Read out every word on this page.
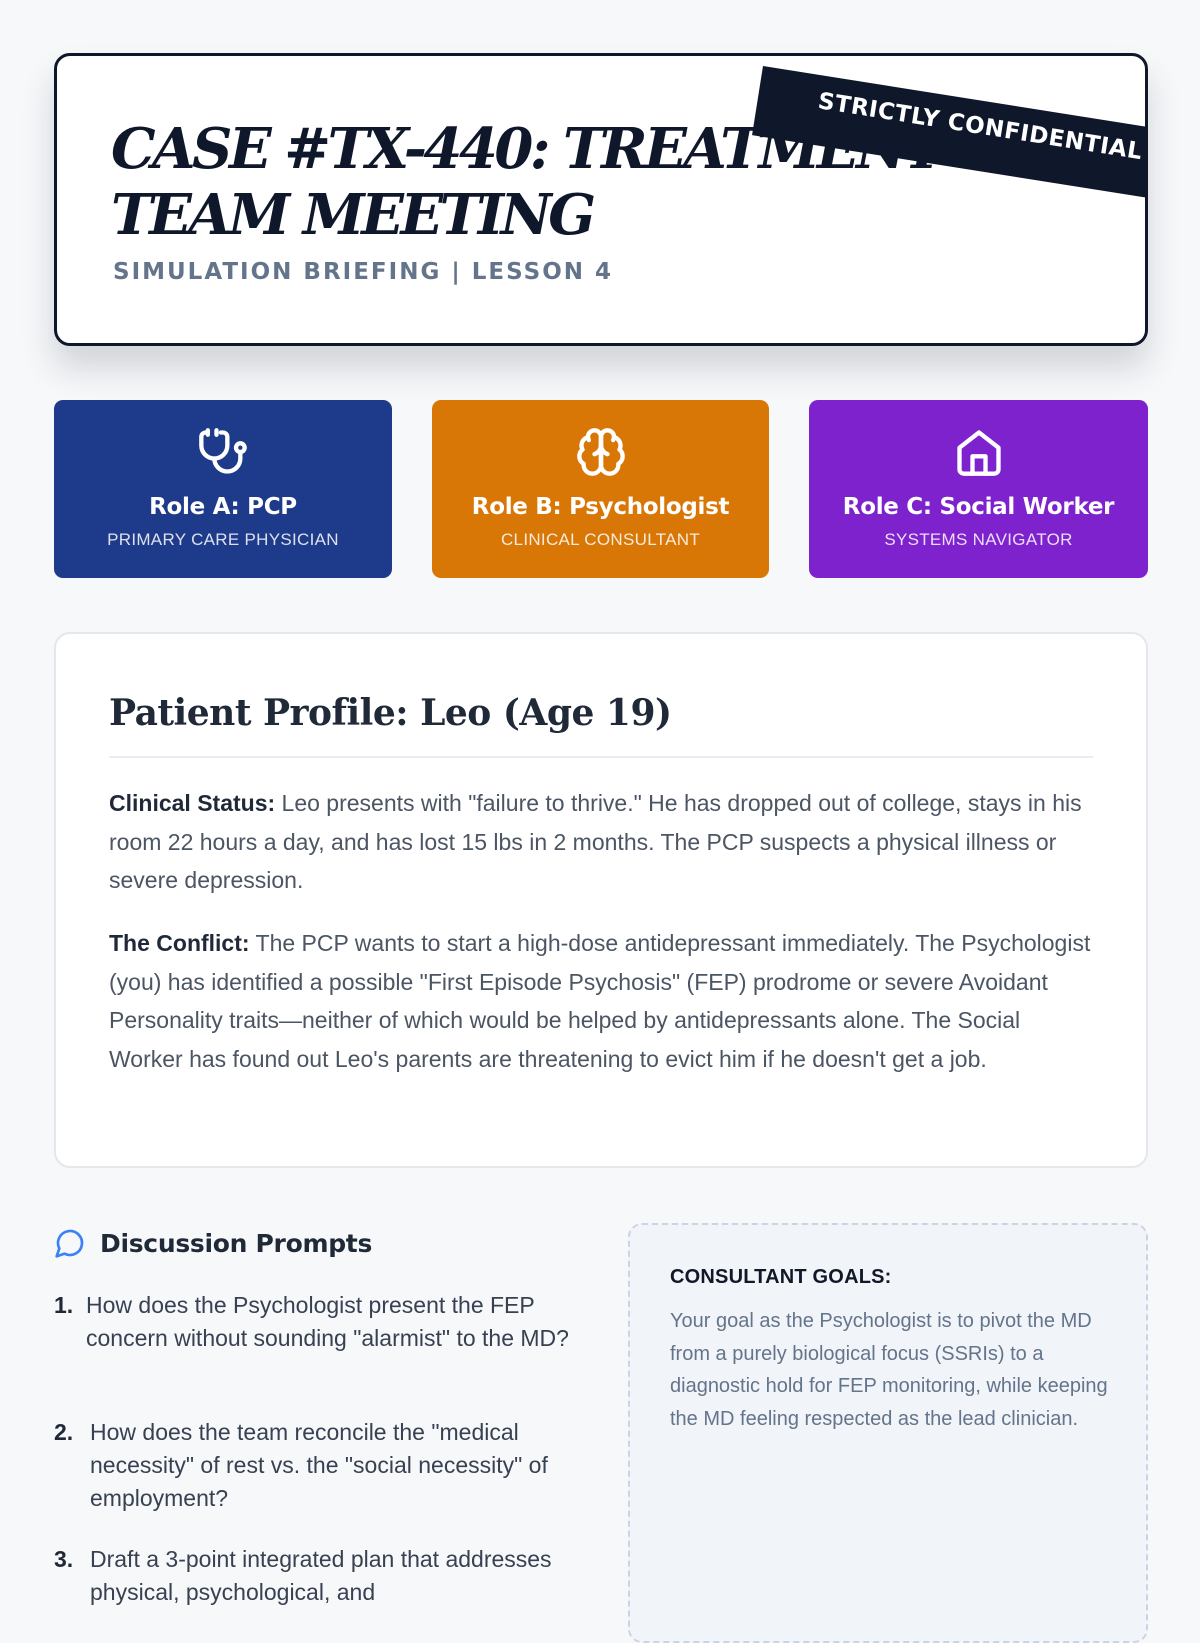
STRICTLY CONFIDENTIAL
CASE #TX-440: TREATMENT TEAM MEETING
SIMULATION BRIEFING | LESSON 4
Role A: PCP
PRIMARY CARE PHYSICIAN
Role B: Psychologist
CLINICAL CONSULTANT
Role C: Social Worker
SYSTEMS NAVIGATOR
Patient Profile: Leo (Age 19)

Clinical Status: Leo presents with "failure to thrive." He has dropped out of college, stays in his room 22 hours a day, and has lost 15 lbs in 2 months. The PCP suspects a physical illness or severe depression.

The Conflict: The PCP wants to start a high-dose antidepressant immediately. The Psychologist (you) has identified a possible "First Episode Psychosis" (FEP) prodrome or severe Avoidant Personality traits—neither of which would be helped by antidepressants alone. The Social Worker has found out Leo's parents are threatening to evict him if he doesn't get a job.

Discussion Prompts
1. How does the Psychologist present the FEP concern without sounding "alarmist" to the MD?
2. How does the team reconcile the "medical necessity" of rest vs. the "social necessity" of employment?
3. Draft a 3-point integrated plan that addresses physical, psychological, and
CONSULTANT GOALS:

Your goal as the Psychologist is to pivot the MD from a purely biological focus (SSRIs) to a diagnostic hold for FEP monitoring, while keeping the MD feeling respected as the lead clinician.
